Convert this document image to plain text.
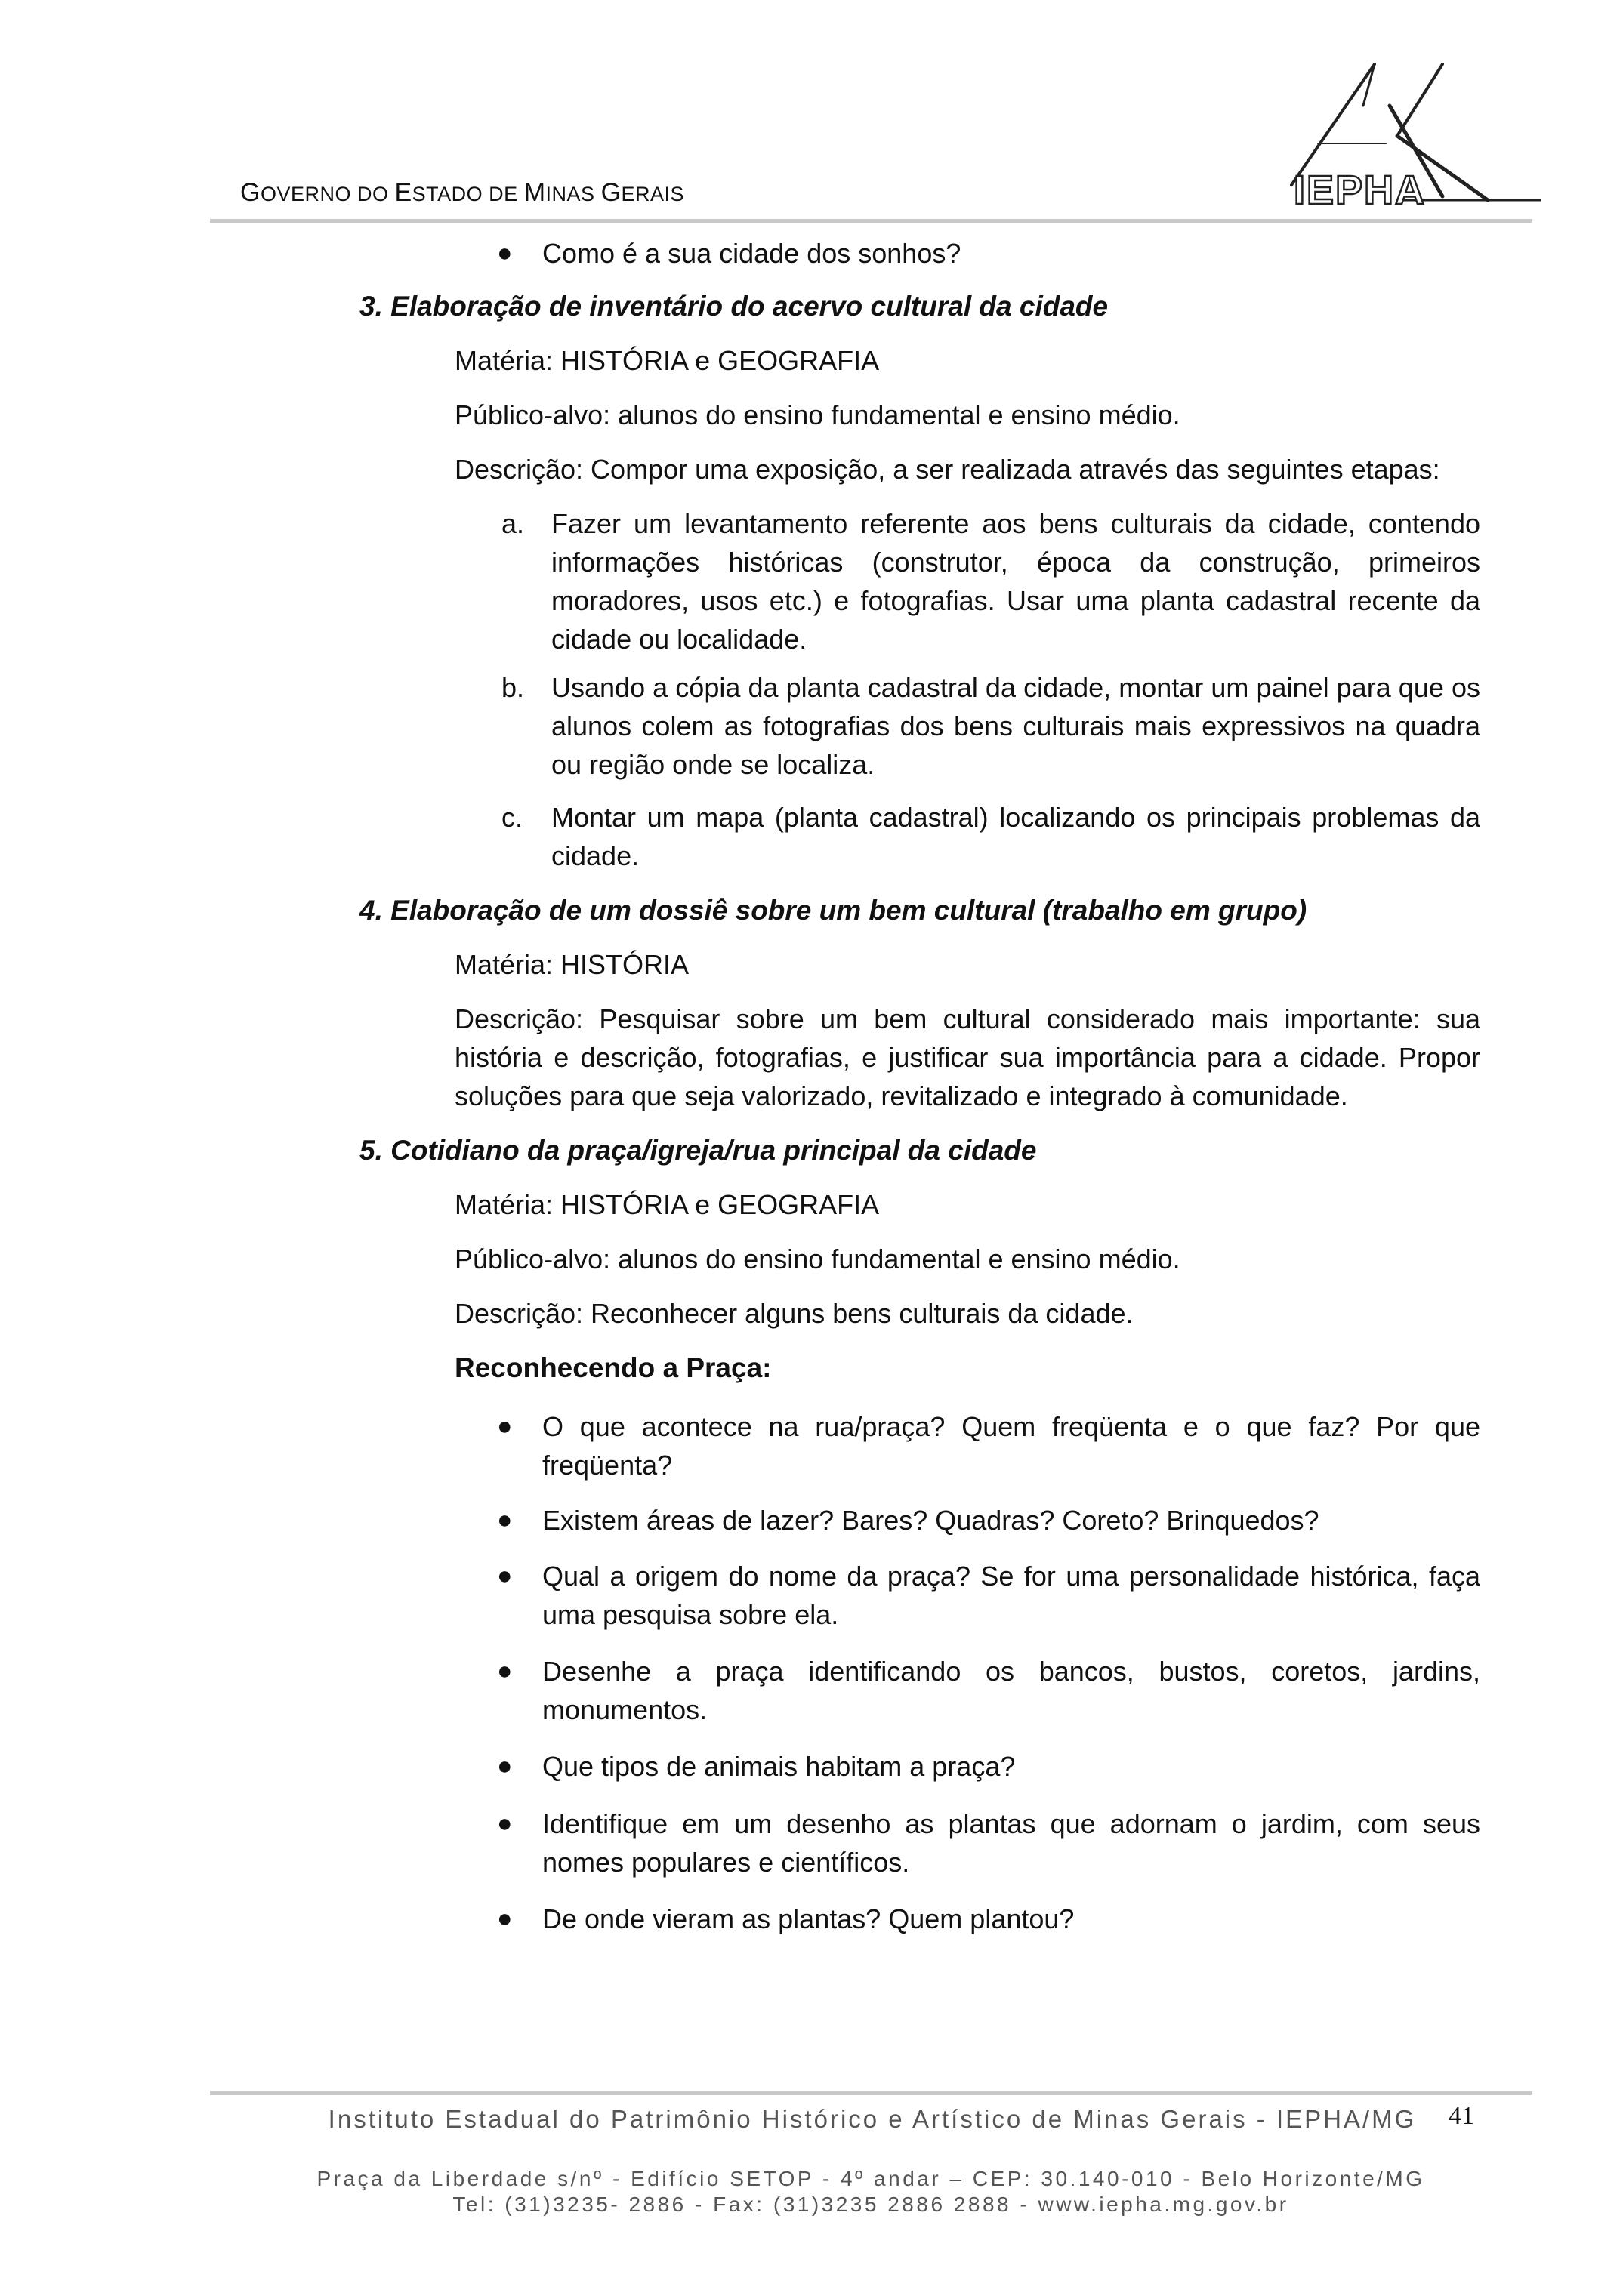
GOVERNO DO ESTADO DE MINAS GERAIS	IEPHA
●	Como é a sua cidade dos sonhos?
3. Elaboração de inventário do acervo cultural da cidade
Matéria: HISTÓRIA e GEOGRAFIA
Público-alvo: alunos do ensino fundamental e ensino médio.
Descrição: Compor uma exposição, a ser realizada através das seguintes etapas:
a. Fazer um levantamento referente aos bens culturais da cidade, contendo informações históricas (construtor, época da construção, primeiros moradores, usos etc.) e fotografias. Usar uma planta cadastral recente da cidade ou localidade.
b. Usando a cópia da planta cadastral da cidade, montar um painel para que os alunos colem as fotografias dos bens culturais mais expressivos na quadra ou região onde se localiza.
c. Montar um mapa (planta cadastral) localizando os principais problemas da cidade.
4. Elaboração de um dossiê sobre um bem cultural (trabalho em grupo)
Matéria: HISTÓRIA
Descrição: Pesquisar sobre um bem cultural considerado mais importante: sua história e descrição, fotografias, e justificar sua importância para a cidade. Propor soluções para que seja valorizado, revitalizado e integrado à comunidade.
5. Cotidiano da praça/igreja/rua principal da cidade
Matéria: HISTÓRIA e GEOGRAFIA
Público-alvo: alunos do ensino fundamental e ensino médio.
Descrição: Reconhecer alguns bens culturais da cidade.
Reconhecendo a Praça:
●	O que acontece na rua/praça? Quem freqüenta e o que faz? Por que freqüenta?
●	Existem áreas de lazer? Bares? Quadras? Coreto? Brinquedos?
●	Qual a origem do nome da praça? Se for uma personalidade histórica, faça uma pesquisa sobre ela.
●	Desenhe a praça identificando os bancos, bustos, coretos, jardins, monumentos.
●	Que tipos de animais habitam a praça?
●	Identifique em um desenho as plantas que adornam o jardim, com seus nomes populares e científicos.
●	De onde vieram as plantas? Quem plantou?
Instituto Estadual do Patrimônio Histórico e Artístico de Minas Gerais - IEPHA/MG
Praça da Liberdade s/nº - Edifício SETOP - 4º andar – CEP: 30.140-010 - Belo Horizonte/MG
Tel: (31)3235- 2886 - Fax: (31)3235 2886 2888 - www.iepha.mg.gov.br
41
